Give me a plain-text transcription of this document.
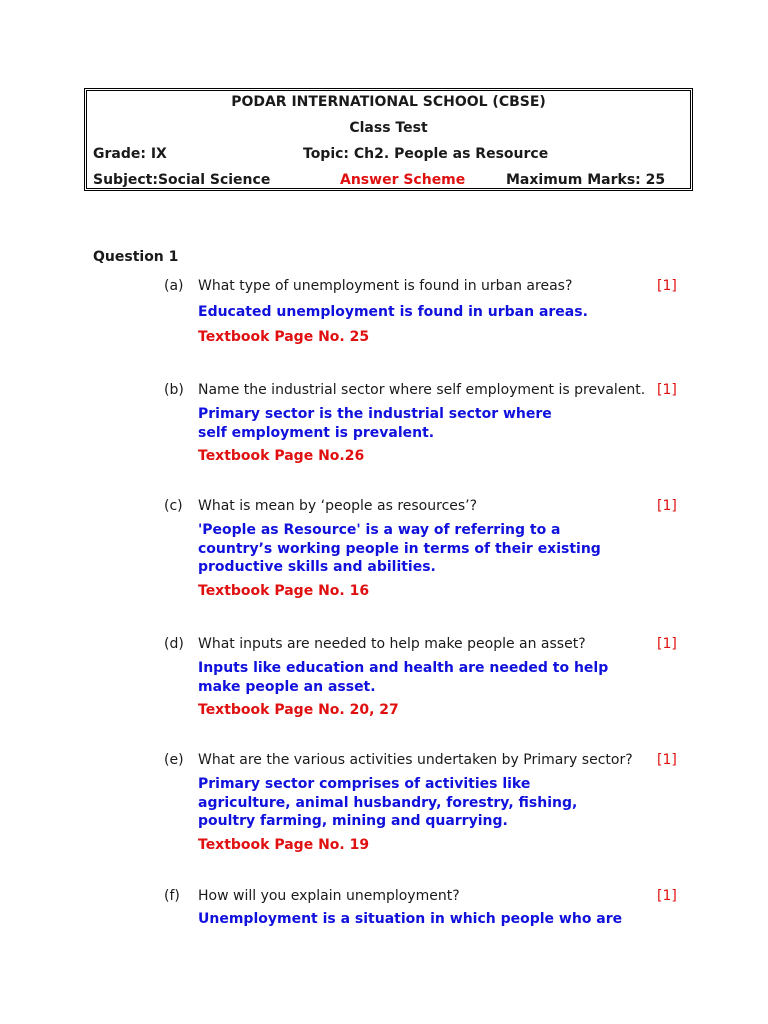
PODAR INTERNATIONAL SCHOOL (CBSE)
Class Test
Grade: IX	Topic: Ch2. People as Resource
Subject:Social Science	Answer Scheme	Maximum Marks: 25
Question 1
(a) What type of unemployment is found in urban areas?	[1]
Educated unemployment is found in urban areas.
Textbook Page No. 25
(b) Name the industrial sector where self employment is prevalent. [1]
Primary sector is the industrial sector where self employment is prevalent.
Textbook Page No.26
(c) What is mean by ‘people as resources’?	[1]
'People as Resource' is a way of referring to a country’s working people in terms of their existing productive skills and abilities.
Textbook Page No. 16
(d) What inputs are needed to help make people an asset?	[1]
Inputs like education and health are needed to help make people an asset.
Textbook Page No. 20, 27
(e) What are the various activities undertaken by Primary sector?	[1]
Primary sector comprises of activities like agriculture, animal husbandry, forestry, fishing, poultry farming, mining and quarrying.
Textbook Page No. 19
(f) How will you explain unemployment?	[1]
Unemployment is a situation in which people who are
